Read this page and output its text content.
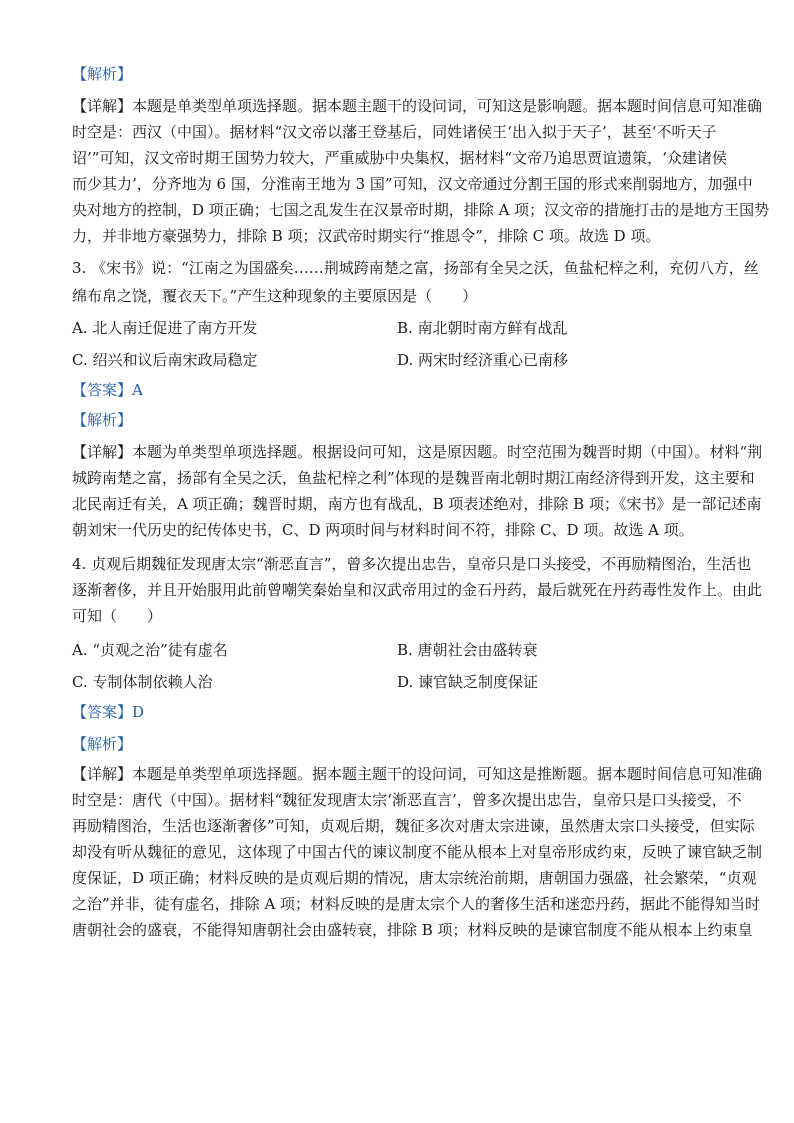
【解析】
【详解】本题是单类型单项选择题。据本题主题干的设问词，可知这是影响题。据本题时间信息可知准确
时空是：西汉（中国）。据材料“汉文帝以藩王登基后，同姓诸侯王‘出入拟于天子’，甚至‘不听天子
诏’”可知，汉文帝时期王国势力较大，严重威胁中央集权，据材料“文帝乃追思贾谊遗策，‘众建诸侯
而少其力’，分齐地为 6 国，分淮南王地为 3 国”可知，汉文帝通过分割王国的形式来削弱地方，加强中
央对地方的控制，D 项正确；七国之乱发生在汉景帝时期，排除 A 项；汉文帝的措施打击的是地方王国势
力，并非地方豪强势力，排除 B 项；汉武帝时期实行“推恩令”，排除 C 项。故选 D 项。
3. 《宋书》说：“江南之为国盛矣……荆城跨南楚之富，扬部有全吴之沃，鱼盐杞梓之利，充仞八方，丝
绵布帛之饶，覆衣天下。”产生这种现象的主要原因是（　　）
A. 北人南迁促进了南方开发	B. 南北朝时南方鲜有战乱
C. 绍兴和议后南宋政局稳定	D. 两宋时经济重心已南移
【答案】A
【解析】
【详解】本题为单类型单项选择题。根据设问可知，这是原因题。时空范围为魏晋时期（中国）。材料“荆
城跨南楚之富，扬部有全吴之沃，鱼盐杞梓之利”体现的是魏晋南北朝时期江南经济得到开发，这主要和
北民南迁有关，A 项正确；魏晋时期，南方也有战乱，B 项表述绝对，排除 B 项；《宋书》是一部记述南
朝刘宋一代历史的纪传体史书，C、D 两项时间与材料时间不符，排除 C、D 项。故选 A 项。
4. 贞观后期魏征发现唐太宗“渐恶直言”，曾多次提出忠告，皇帝只是口头接受，不再励精图治，生活也
逐渐奢侈，并且开始服用此前曾嘲笑秦始皇和汉武帝用过的金石丹药，最后就死在丹药毒性发作上。由此
可知（　　）
A. “贞观之治”徒有虚名	B. 唐朝社会由盛转衰
C. 专制体制依赖人治	D. 谏官缺乏制度保证
【答案】D
【解析】
【详解】本题是单类型单项选择题。据本题主题干的设问词，可知这是推断题。据本题时间信息可知准确
时空是：唐代（中国）。据材料“魏征发现唐太宗‘渐恶直言’，曾多次提出忠告，皇帝只是口头接受，不
再励精图治，生活也逐渐奢侈”可知，贞观后期，魏征多次对唐太宗进谏，虽然唐太宗口头接受，但实际
却没有听从魏征的意见，这体现了中国古代的谏议制度不能从根本上对皇帝形成约束，反映了谏官缺乏制
度保证，D 项正确；材料反映的是贞观后期的情况，唐太宗统治前期，唐朝国力强盛，社会繁荣，“贞观
之治”并非，徒有虚名，排除 A 项；材料反映的是唐太宗个人的奢侈生活和迷恋丹药，据此不能得知当时
唐朝社会的盛衰，不能得知唐朝社会由盛转衰，排除 B 项；材料反映的是谏官制度不能从根本上约束皇
